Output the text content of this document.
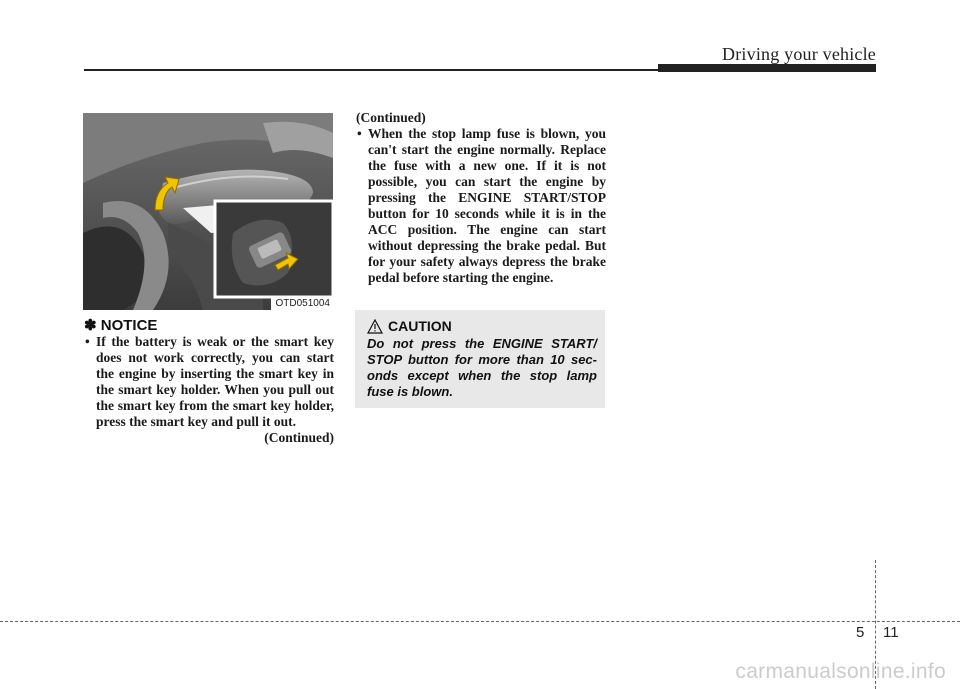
Driving your vehicle
OTD051004
✽ NOTICE
• If the battery is weak or the smart key does not work correctly, you can start the engine by inserting the smart key in the smart key holder. When you pull out the smart key from the smart key holder, press the smart key and pull it out.
(Continued)
(Continued)
• When the stop lamp fuse is blown, you can't start the engine normally. Replace the fuse with a new one. If it is not possible, you can start the engine by pressing the ENGINE START/STOP button for 10 seconds while it is in the ACC position. The engine can start without depressing the brake pedal. But for your safety always depress the brake pedal before starting the engine.
CAUTION
Do not press the ENGINE START/ STOP button for more than 10 sec- onds except when the stop lamp fuse is blown.
5 11
carmanualsonline.info
